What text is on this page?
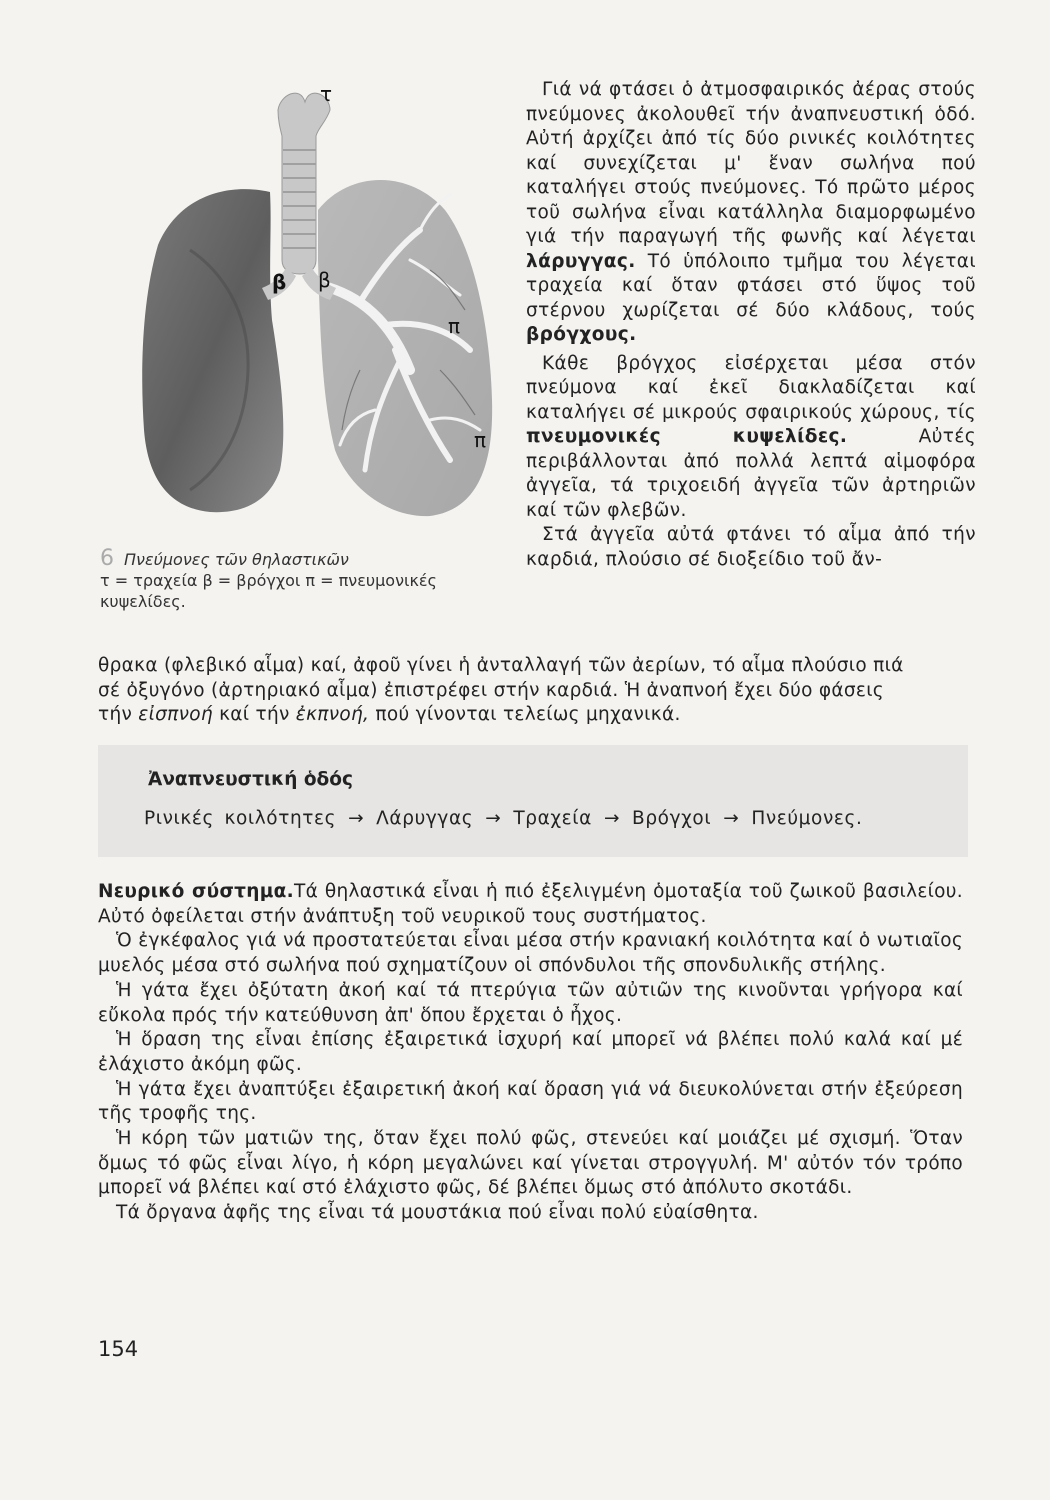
τ
β β
π
π
6 Πνεύμονες τῶν θηλαστικῶν
τ = τραχεία β = βρόγχοι π = πνευμονικές
κυψελίδες.

Γιά νά φτάσει ὁ ἀτμοσφαιρικός ἀέρας στούς πνεύμονες ἀκολουθεῖ τήν ἀναπνευστική ὁδό. Αὐτή ἀρχίζει ἀπό τίς δύο ρινικές κοιλότητες καί συνεχίζεται μ' ἕναν σωλήνα πού καταλήγει στούς πνεύμονες. Τό πρῶτο μέρος τοῦ σωλήνα εἶναι κατάλληλα διαμορφωμένο γιά τήν παραγωγή τῆς φωνῆς καί λέγεται λάρυγγας. Τό ὑπόλοιπο τμῆμα του λέγεται τραχεία καί ὅταν φτάσει στό ὕψος τοῦ στέρνου χωρίζεται σέ δύο κλάδους, τούς βρόγχους.

Κάθε βρόγχος εἰσέρχεται μέσα στόν πνεύμονα καί ἐκεῖ διακλαδίζεται καί καταλήγει σέ μικρούς σφαιρικούς χώρους, τίς πνευμονικές κυψελίδες. Αὐτές περιβάλλονται ἀπό πολλά λεπτά αἱμοφόρα ἀγγεῖα, τά τριχοειδή ἀγγεῖα τῶν ἀρτηριῶν καί τῶν φλεβῶν.

Στά ἀγγεῖα αὐτά φτάνει τό αἷμα ἀπό τήν καρδιά, πλούσιο σέ διοξείδιο τοῦ ἄν-

θρακα (φλεβικό αἷμα) καί, ἀφοῦ γίνει ἡ ἀνταλλαγή τῶν ἀερίων, τό αἷμα πλούσιο πιά

σέ ὀξυγόνο (ἀρτηριακό αἷμα) ἐπιστρέφει στήν καρδιά. Ἡ ἀναπνοή ἔχει δύο φάσεις

τήν εἰσπνοή καί τήν ἐκπνοή, πού γίνονται τελείως μηχανικά.

Ἀναπνευστική ὁδός
Ρινικές κοιλότητες → Λάρυγγας → Τραχεία → Βρόγχοι → Πνεύμονες.

Νευρικό σύστημα.Τά θηλαστικά εἶναι ἡ πιό ἐξελιγμένη ὁμοταξία τοῦ ζωικοῦ βασιλείου. Αὐτό ὀφείλεται στήν ἀνάπτυξη τοῦ νευρικοῦ τους συστήματος.

Ὁ ἐγκέφαλος γιά νά προστατεύεται εἶναι μέσα στήν κρανιακή κοιλότητα καί ὁ νωτιαῖος μυελός μέσα στό σωλήνα πού σχηματίζουν οἱ σπόνδυλοι τῆς σπονδυλικῆς στήλης.

Ἡ γάτα ἔχει ὀξύτατη ἀκοή καί τά πτερύγια τῶν αὐτιῶν της κινοῦνται γρήγορα καί εὔκολα πρός τήν κατεύθυνση ἀπ' ὅπου ἔρχεται ὁ ἦχος.

Ἡ ὅραση της εἶναι ἐπίσης ἐξαιρετικά ἰσχυρή καί μπορεῖ νά βλέπει πολύ καλά καί μέ ἐλάχιστο ἀκόμη φῶς.

Ἡ γάτα ἔχει ἀναπτύξει ἐξαιρετική ἀκοή καί ὅραση γιά νά διευκολύνεται στήν ἐξεύρεση τῆς τροφῆς της.

Ἡ κόρη τῶν ματιῶν της, ὅταν ἔχει πολύ φῶς, στενεύει καί μοιάζει μέ σχισμή. Ὅταν ὅμως τό φῶς εἶναι λίγο, ἡ κόρη μεγαλώνει καί γίνεται στρογγυλή. Μ' αὐτόν τόν τρόπο μπορεῖ νά βλέπει καί στό ἐλάχιστο φῶς, δέ βλέπει ὅμως στό ἀπόλυτο σκοτάδι.

Τά ὄργανα ἁφῆς της εἶναι τά μουστάκια πού εἶναι πολύ εὐαίσθητα.

154
